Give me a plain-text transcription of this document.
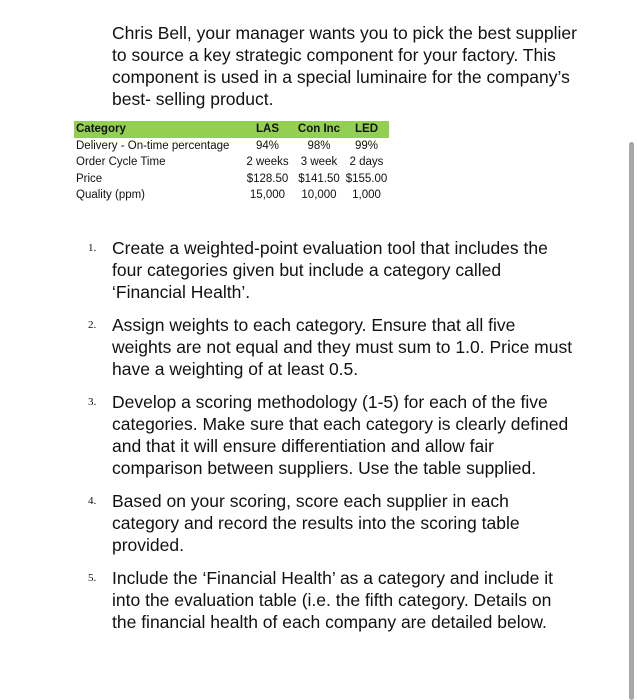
Chris Bell, your manager wants you to pick the best supplier to source a key strategic component for your factory. This component is used in a special luminaire for the company’s best- selling product.

Category	LAS	Con Inc	LED
Delivery - On-time percentage	94%	98%	99%
Order Cycle Time	2 weeks	3 week	2 days
Price	$128.50	$141.50	$155.00
Quality (ppm)	15,000	10,000	1,000
1. Create a weighted-point evaluation tool that includes the four categories given but include a category called ‘Financial Health’.
2. Assign weights to each category. Ensure that all five weights are not equal and they must sum to 1.0. Price must have a weighting of at least 0.5.
3. Develop a scoring methodology (1-5) for each of the five categories. Make sure that each category is clearly defined and that it will ensure differentiation and allow fair comparison between suppliers. Use the table supplied.
4. Based on your scoring, score each supplier in each category and record the results into the scoring table provided.
5. Include the ‘Financial Health’ as a category and include it into the evaluation table (i.e. the fifth category. Details on the financial health of each company are detailed below.
